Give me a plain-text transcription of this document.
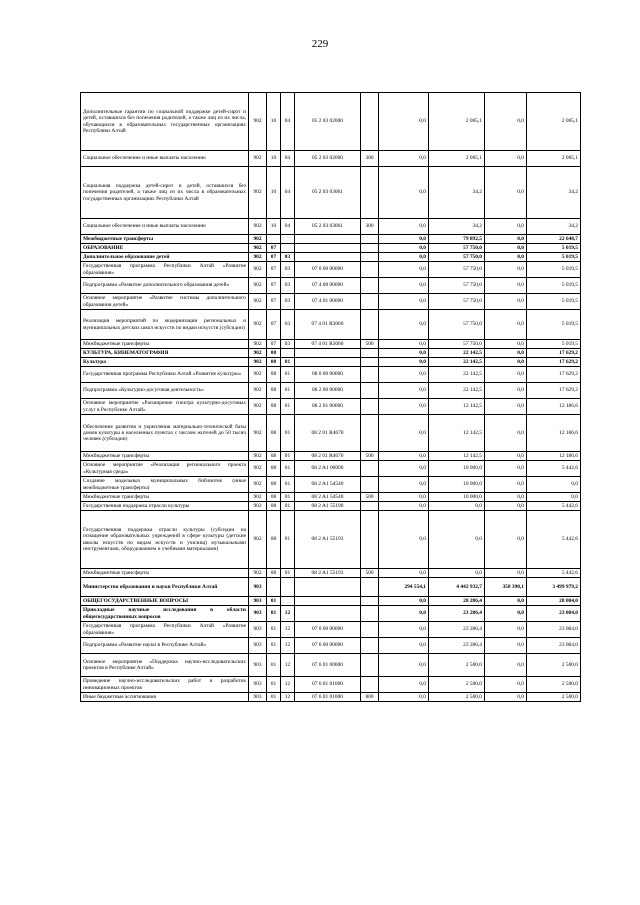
229
Дополнительные гарантии по социальной поддержке детей-сирот и детей, оставшихся без попечения родителей, а также лиц из их числа, обучающихся в образовательных государственных организациях Республики Алтай	902	10	04	05 2 03 02000		0,0	2 065,1	0,0	2 065,1
Социальное обеспечение и иные выплаты населению	902	10	04	05 2 03 02000	300	0,0	2 065,1	0,0	2 065,1
Социальная поддержка детей-сирот и детей, оставшихся без попечения родителей, а также лиц из их числа в образовательных государственных организациях Республики Алтай	902	10	04	05 2 03 03061		0,0	34,2	0,0	34,2
Социальное обеспечение и иные выплаты населению	902	10	04	05 2 03 03061	300	0,0	34,2	0,0	34,2
Межбюджетные трансферты	902					0,0	79 892,5	0,0	22 648,7
ОБРАЗОВАНИЕ	902	07				0,0	57 750,0	0,0	5 019,5
Дополнительное образование детей	902	07	03			0,0	57 750,0	0,0	5 019,5
Государственная программа Республики Алтай «Развитие образования»	902	07	03	07 0 00 00000		0,0	57 750,0	0,0	5 019,5
Подпрограмма «Развитие дополнительного образования детей»	902	07	03	07 4 00 00000		0,0	57 750,0	0,0	5 019,5
Основное мероприятие «Развитие системы дополнительного образования детей»	902	07	03	07 4 01 00000		0,0	57 750,0	0,0	5 019,5
Реализация мероприятий по модернизации региональных и муниципальных детских школ искусств по видам искусств (субсидии)	902	07	03	07 4 01 R3060		0,0	57 750,0	0,0	5 019,5
Межбюджетные трансферты	902	07	03	07 4 01 R3060	500	0,0	57 750,0	0,0	5 019,5
КУЛЬТУРА, КИНЕМАТОГРАФИЯ	902	08				0,0	22 142,5	0,0	17 629,2
Культура	902	08	01			0,0	22 142,5	0,0	17 629,2
Государственная программа Республики Алтай «Развитие культуры»	902	08	01	08 0 00 00000		0,0	22 142,5	0,0	17 629,2
Подпрограмма «Культурно-досуговая деятельность»	902	08	01	08 2 00 00000		0,0	22 142,5	0,0	17 629,2
Основное мероприятие «Расширение спектра культурно-досуговых услуг в Республике Алтай»	902	08	01	08 2 01 00000		0,0	12 142,5	0,0	12 186,6
Обеспечение развития и укрепления материально-технической базы домов культуры в населенных пунктах с числом жителей до 50 тысяч человек (субсидии)	902	08	01	08 2 01 R4670		0,0	12 142,5	0,0	12 186,6
Межбюджетные трансферты	902	08	01	08 2 01 R4670	500	0,0	12 142,5	0,0	12 186,6
Основное мероприятие «Реализация регионального проекта «Культурная среда»	902	08	01	08 2 A1 00000		0,0	10 000,0	0,0	5 442,6
Создание модельных муниципальных библиотек (иные межбюджетные трансферты)	902	08	01	08 2 A1 54540		0,0	10 000,0	0,0	0,0
Межбюджетные трансферты	902	08	01	08 2 A1 54540	500	0,0	10 000,0	0,0	0,0
Государственная поддержка отрасли культуры	902	08	01	08 2 A1 55190		0,0	0,0	0,0	5 442,6
Государственная поддержка отрасли культуры (субсидии на оснащение образовательных учреждений в сфере культуры (детские школы искусств по видам искусств и училищ) музыкальными инструментами, оборудованием и учебными материалами)	902	08	01	08 2 A1 55193		0,0	0,0	0,0	5 442,6
Межбюджетные трансферты	902	08	01	08 2 A1 55193	500	0,0	0,0	0,0	5 442,6
Министерство образования и науки Республики Алтай	903					294 554,1	4 442 932,7	358 390,1	3 499 979,2
ОБЩЕГОСУДАРСТВЕННЫЕ ВОПРОСЫ	903	01				0,0	28 286,4	0,0	28 084,0
Прикладные научные исследования в области общегосударственных вопросов	903	01	12			0,0	23 286,4	0,0	23 084,0
Государственная программа Республики Алтай «Развитие образования»	903	01	12	07 0 00 00000		0,0	23 286,4	0,0	23 084,0
Подпрограмма «Развитие науки в Республике Алтай»	903	01	12	07 6 00 00000		0,0	23 286,4	0,0	23 084,0
Основное мероприятие «Поддержка научно-исследовательских проектов в Республике Алтай»	903	01	12	07 6 01 00000		0,0	2 500,0	0,0	2 500,0
Проведение научно-исследовательских работ и разработок инновационных проектов	903	01	12	07 6 01 01000		0,0	2 500,0	0,0	2 500,0
Иные бюджетные ассигнования	903	01	12	07 6 01 01000	800	0,0	2 500,0	0,0	2 500,0
